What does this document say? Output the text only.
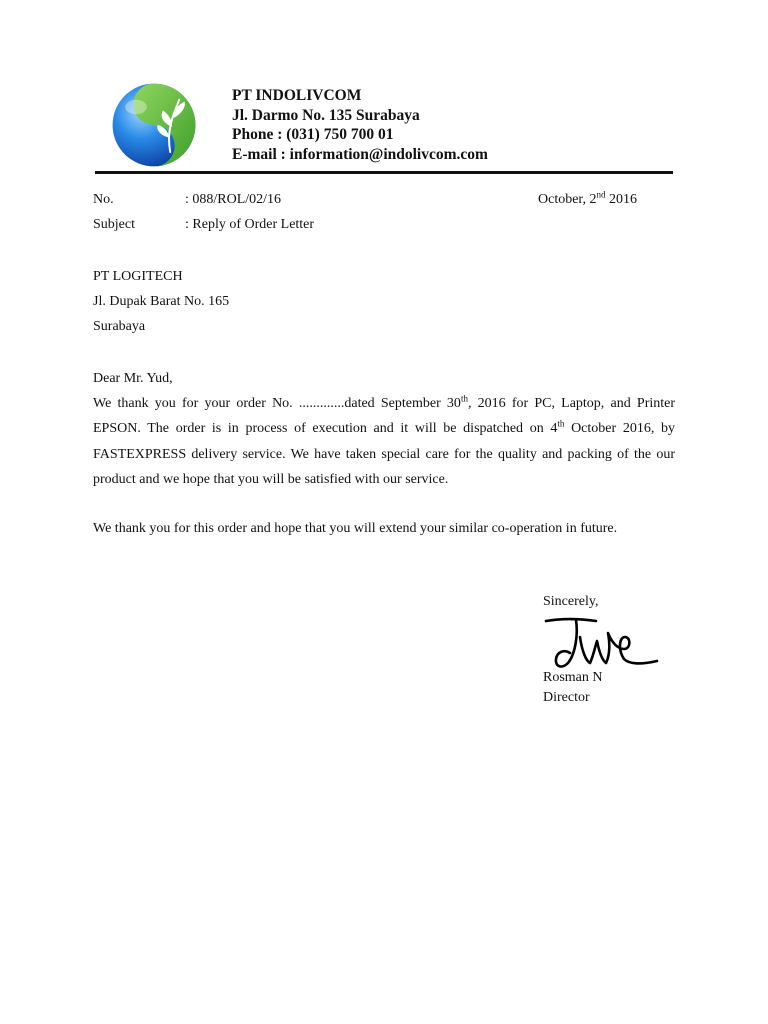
PT INDOLIVCOM
Jl. Darmo No. 135 Surabaya
Phone : (031) 750 700 01
E-mail : information@indolivcom.com
No.	: 088/ROL/02/16	October, 2nd 2016
Subject	: Reply of Order Letter
PT LOGITECH
Jl. Dupak Barat No. 165
Surabaya

Dear Mr. Yud,

We thank you for your order No. .............dated September 30th, 2016 for PC, Laptop, and Printer EPSON. The order is in process of execution and it will be dispatched on 4th October 2016, by FASTEXPRESS delivery service. We have taken special care for the quality and packing of the our product and we hope that you will be satisfied with our service.

We thank you for this order and hope that you will extend your similar co-operation in future.

Sincerely,
Rosman N
Director
